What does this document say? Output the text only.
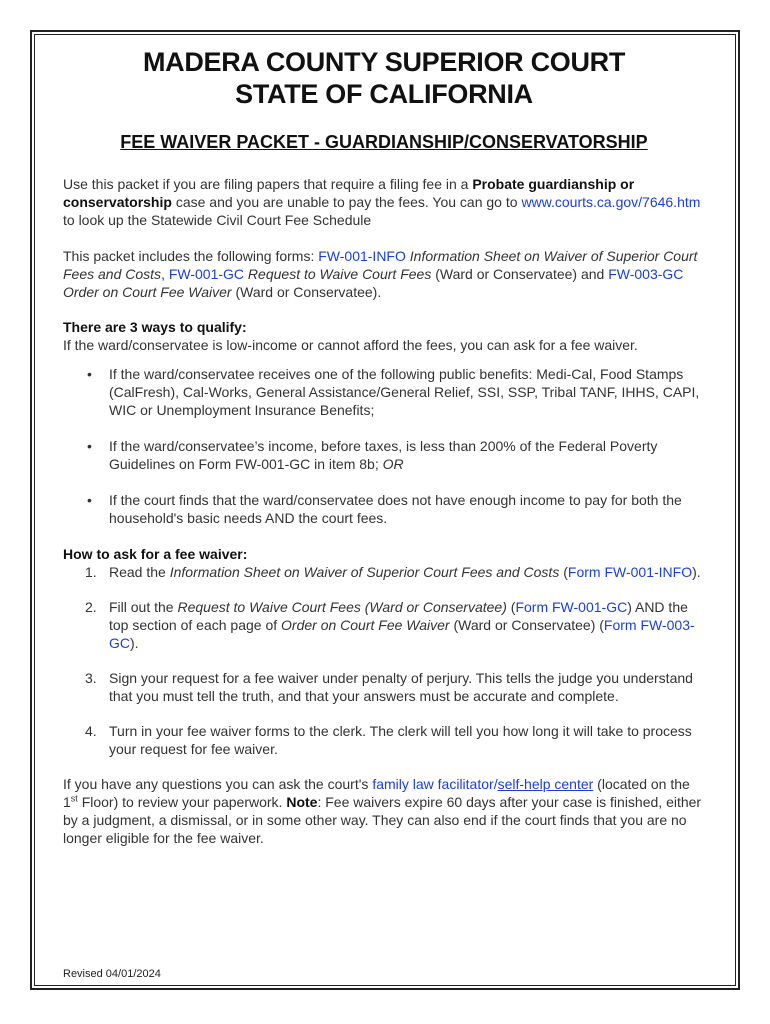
MADERA COUNTY SUPERIOR COURT
STATE OF CALIFORNIA
FEE WAIVER PACKET - GUARDIANSHIP/CONSERVATORSHIP

Use this packet if you are filing papers that require a filing fee in a Probate guardianship or conservatorship case and you are unable to pay the fees. You can go to www.courts.ca.gov/7646.htm to look up the Statewide Civil Court Fee Schedule

This packet includes the following forms: FW-001-INFO Information Sheet on Waiver of Superior Court Fees and Costs, FW-001-GC Request to Waive Court Fees (Ward or Conservatee) and FW-003-GC Order on Court Fee Waiver (Ward or Conservatee).

There are 3 ways to qualify:
If the ward/conservatee is low-income or cannot afford the fees, you can ask for a fee waiver.

• If the ward/conservatee receives one of the following public benefits: Medi-Cal, Food Stamps (CalFresh), Cal-Works, General Assistance/General Relief, SSI, SSP, Tribal TANF, IHHS, CAPI, WIC or Unemployment Insurance Benefits;
• If the ward/conservatee’s income, before taxes, is less than 200% of the Federal Poverty Guidelines on Form FW-001-GC in item 8b; OR
• If the court finds that the ward/conservatee does not have enough income to pay for both the household's basic needs AND the court fees.

How to ask for a fee waiver:

1. Read the Information Sheet on Waiver of Superior Court Fees and Costs (Form FW-001-INFO).
2. Fill out the Request to Waive Court Fees (Ward or Conservatee) (Form FW-001-GC) AND the top section of each page of Order on Court Fee Waiver (Ward or Conservatee) (Form FW-003-GC).
3. Sign your request for a fee waiver under penalty of perjury. This tells the judge you understand that you must tell the truth, and that your answers must be accurate and complete.
4. Turn in your fee waiver forms to the clerk. The clerk will tell you how long it will take to process your request for fee waiver.

If you have any questions you can ask the court's family law facilitator/self-help center (located on the 1st Floor) to review your paperwork. Note: Fee waivers expire 60 days after your case is finished, either by a judgment, a dismissal, or in some other way. They can also end if the court finds that you are no longer eligible for the fee waiver.

Revised 04/01/2024
